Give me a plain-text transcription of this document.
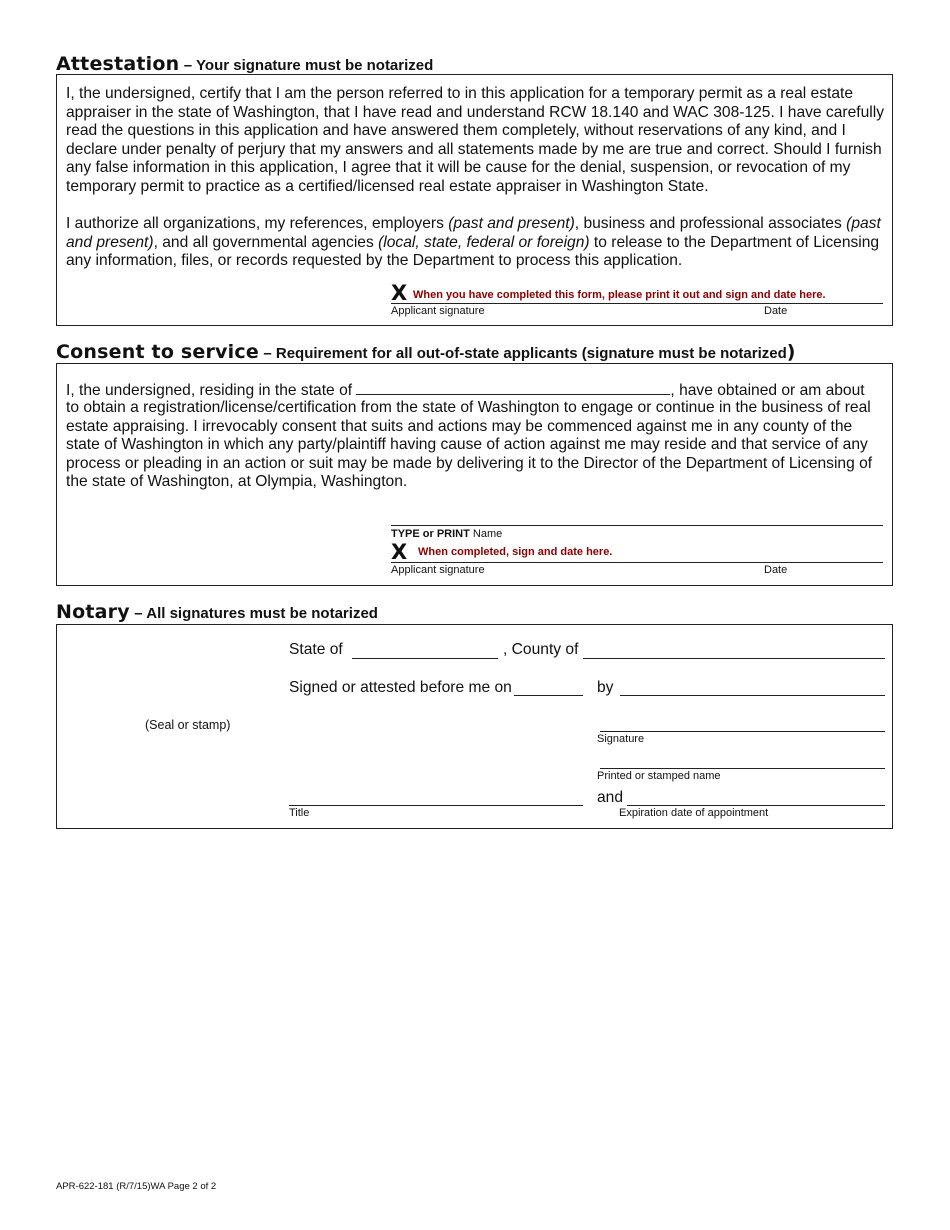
Attestation – Your signature must be notarized

I, the undersigned, certify that I am the person referred to in this application for a temporary permit as a real estate appraiser in the state of Washington, that I have read and understand RCW 18.140 and WAC 308-125. I have carefully read the questions in this application and have answered them completely, without reservations of any kind, and I declare under penalty of perjury that my answers and all statements made by me are true and correct. Should I furnish any false information in this application, I agree that it will be cause for the denial, suspension, or revocation of my temporary permit to practice as a certified/licensed real estate appraiser in Washington State.

I authorize all organizations, my references, employers (past and present), business and professional associates (past and present), and all governmental agencies (local, state, federal or foreign) to release to the Department of Licensing any information, files, or records requested by the Department to process this application.

X When you have completed this form, please print it out and sign and date here.
Applicant signature	Date
Consent to service – Requirement for all out-of-state applicants (signature must be notarized)
I, the undersigned, residing in the state of	, have obtained or am about

to obtain a registration/license/certification from the state of Washington to engage or continue in the business of real estate appraising. I irrevocably consent that suits and actions may be commenced against me in any county of the state of Washington in which any party/plaintiff having cause of action against me may reside and that service of any process or pleading in an action or suit may be made by delivering it to the Director of the Department of Licensing of the state of Washington, at Olympia, Washington.

TYPE or PRINT Name
X When completed, sign and date here.
Applicant signature	Date
Notary – All signatures must be notarized
State of	, County of
Signed or attested before me on	by
(Seal or stamp)
Signature
Printed or stamped name
Title
and
Expiration date of appointment
APR-622-181 (R/7/15)WA Page 2 of 2
